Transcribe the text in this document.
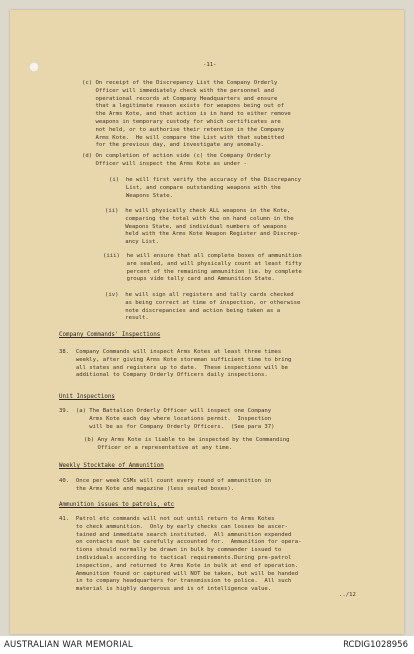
-11-

(c) On receipt of the Discrepancy List the Company Orderly
Officer will immediately check with the personnel and
operational records at Company Headquarters and ensure
that a legitimate reason exists for weapons being out of
the Arms Kote, and that action is in hand to either remove
weapons in temporary custody for which certificates are
not held, or to authorise their retention in the Company
Arms Kote.  He will compare the List with that submitted
for the previous day, and investigate any anomaly.

(d) On completion of action vide (c) the Company Orderly
Officer will inspect the Arms Kote as under -

(i)  he will first verify the accuracy of the Discrepancy
List, and compare outstanding weapons with the
Weapons State.

(ii)  he will physically check ALL weapons in the Kote,
comparing the total with the on hand column in the
Weapons State, and individual numbers of weapons
held with the Arms Kote Weapon Register and Discrep-
ancy List.

(iii)  he will ensure that all complete boxes of ammunition
are sealed, and will physically count at least fifty
percent of the remaining ammunition (ie. by complete
groups vide tally card and Ammunition State.

(iv)  he will sign all registers and tally cards checked
as being correct at time of inspection, or otherwise
note discrepancies and action being taken as a
result.

Company Commands' Inspections

38.  Company Commands will inspect Arms Kotes at least three times
weekly, after giving Arms Kote storeman sufficient time to bring
all states and registers up to date.  These inspections will be
additional to Company Orderly Officers daily inspections.

Unit Inspections

39.  (a) The Battalion Orderly Officer will inspect one Company
Arms Kote each day where locations permit.  Inspection
will be as for Company Orderly Officers.  (See para 37)

(b) Any Arms Kote is liable to be inspected by the Commanding
Officer or a representative at any time.

Weekly Stocktake of Ammunition

40.  Once per week CSMs will count every round of ammunition in
the Arms Kote and magazine (less sealed boxes).

Ammunition issues to patrols, etc

41.  Patrol etc commands will not out until return to Arms Kotes
to check ammunition.  Only by early checks can losses be ascer-
tained and immediate search instituted.  All ammunition expended
on contacts must be carefully accounted for.  Ammunition for opera-
tions should normally be drawn in bulk by commander issued to
individuals according to tactical requirements.During pre-patrol
inspection, and returned to Arms Kote in bulk at end of operation.
Ammunition found or captured will NOT be taken, but will be handed
in to company headquarters for transmission to police.  All such
material is highly dangerous and is of intelligence value.

../12

AUSTRALIAN WAR MEMORIAL	RCDIG1028956
